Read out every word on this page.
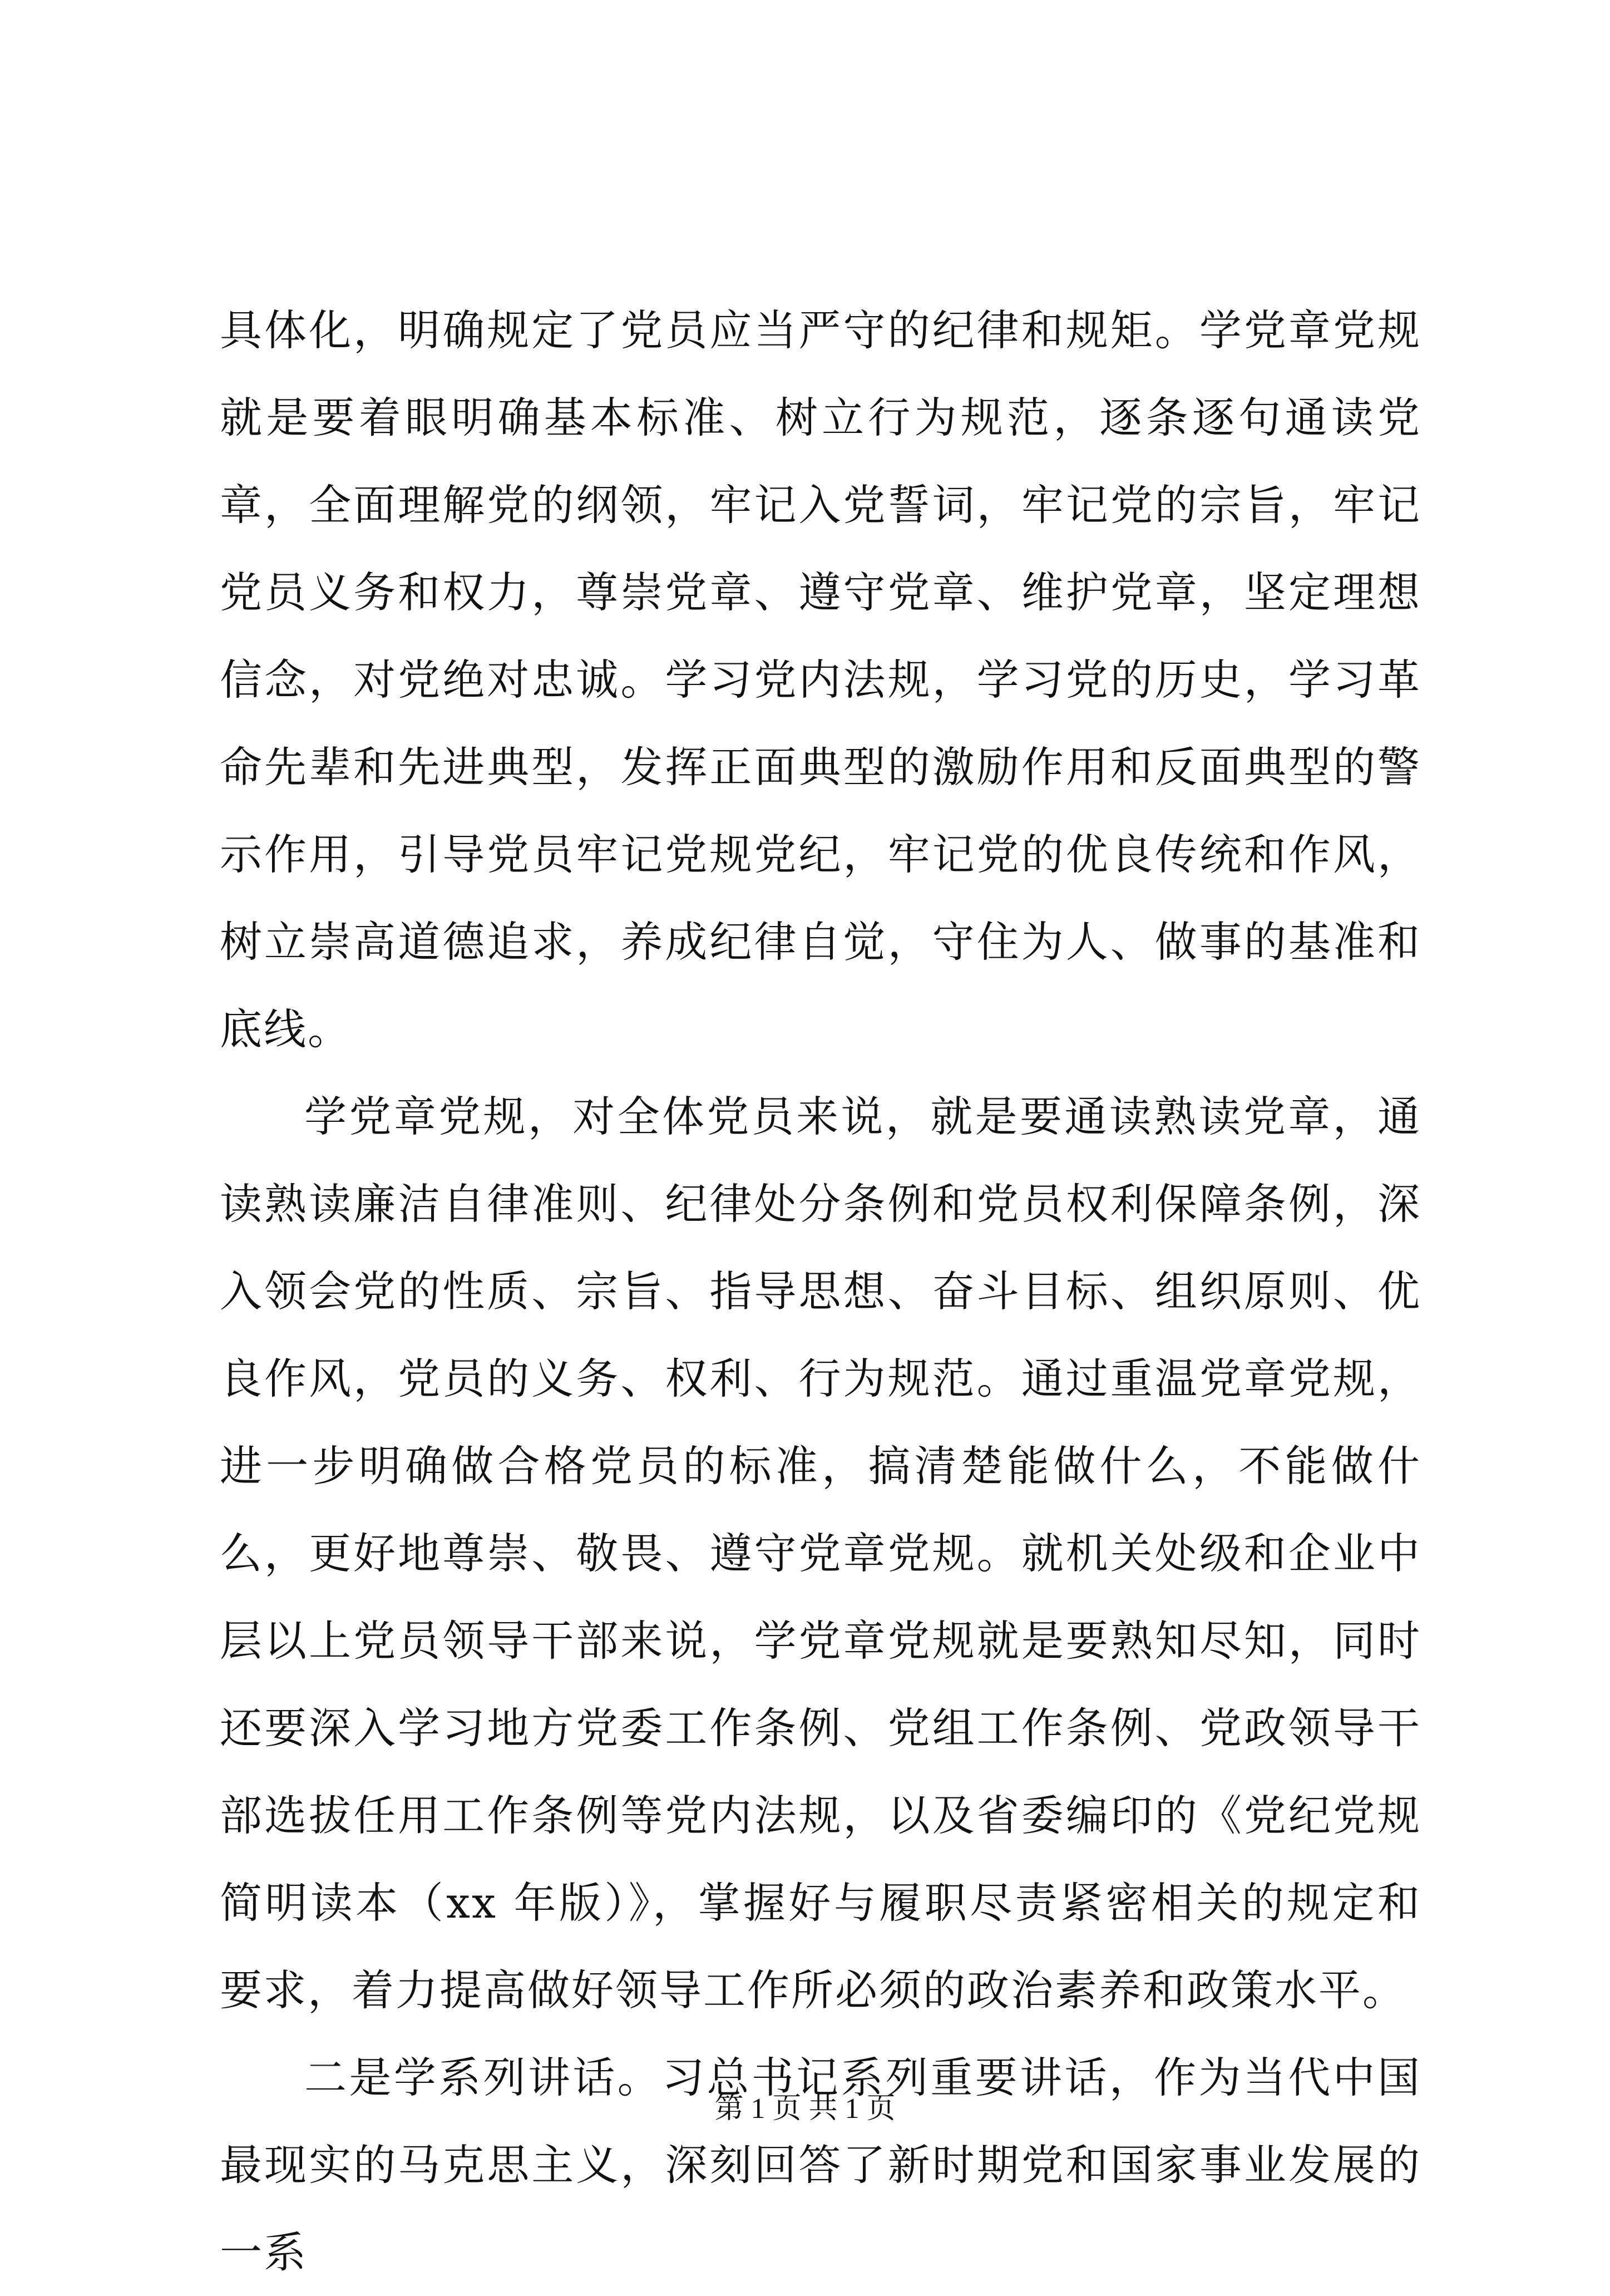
具体化，明确规定了党员应当严守的纪律和规矩。学党章党规就是要着眼明确基本标准、树立行为规范，逐条逐句通读党章，全面理解党的纲领，牢记入党誓词，牢记党的宗旨，牢记党员义务和权力，尊崇党章、遵守党章、维护党章，坚定理想信念，对党绝对忠诚。学习党内法规，学习党的历史，学习革命先辈和先进典型，发挥正面典型的激励作用和反面典型的警示作用，引导党员牢记党规党纪，牢记党的优良传统和作风，树立崇高道德追求，养成纪律自觉，守住为人、做事的基准和底线。

学党章党规，对全体党员来说，就是要通读熟读党章，通读熟读廉洁自律准则、纪律处分条例和党员权利保障条例，深入领会党的性质、宗旨、指导思想、奋斗目标、组织原则、优良作风，党员的义务、权利、行为规范。通过重温党章党规，进一步明确做合格党员的标准，搞清楚能做什么，不能做什么，更好地尊崇、敬畏、遵守党章党规。就机关处级和企业中层以上党员领导干部来说，学党章党规就是要熟知尽知，同时还要深入学习地方党委工作条例、党组工作条例、党政领导干部选拔任用工作条例等党内法规，以及省委编印的《党纪党规简明读本（xx 年版）》，掌握好与履职尽责紧密相关的规定和要求，着力提高做好领导工作所必须的政治素养和政策水平。

二是学系列讲话。习总书记系列重要讲话，作为当代中国最现实的马克思主义，深刻回答了新时期党和国家事业发展的一系

第 1 页 共 1 页
